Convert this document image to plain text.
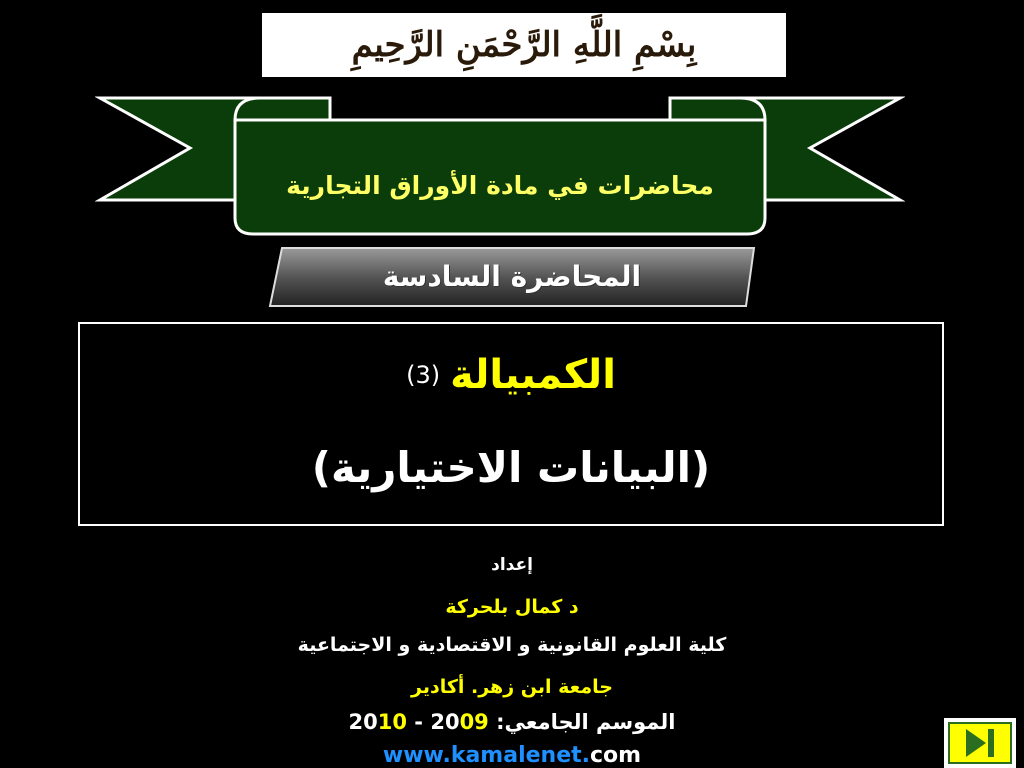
بِسْمِ اللَّهِ الرَّحْمَنِ الرَّحِيمِ
محاضرات في مادة الأوراق التجارية
المحاضرة السادسة
الكمبيالة
(3)
(البيانات الاختيارية)
إعداد
د كمال بلحركة
كلية العلوم القانونية و الاقتصادية و الاجتماعية
جامعة ابن زهر. أكادير
2010 - 2009 الموسم الجامعي:
www.kamalenet.com
